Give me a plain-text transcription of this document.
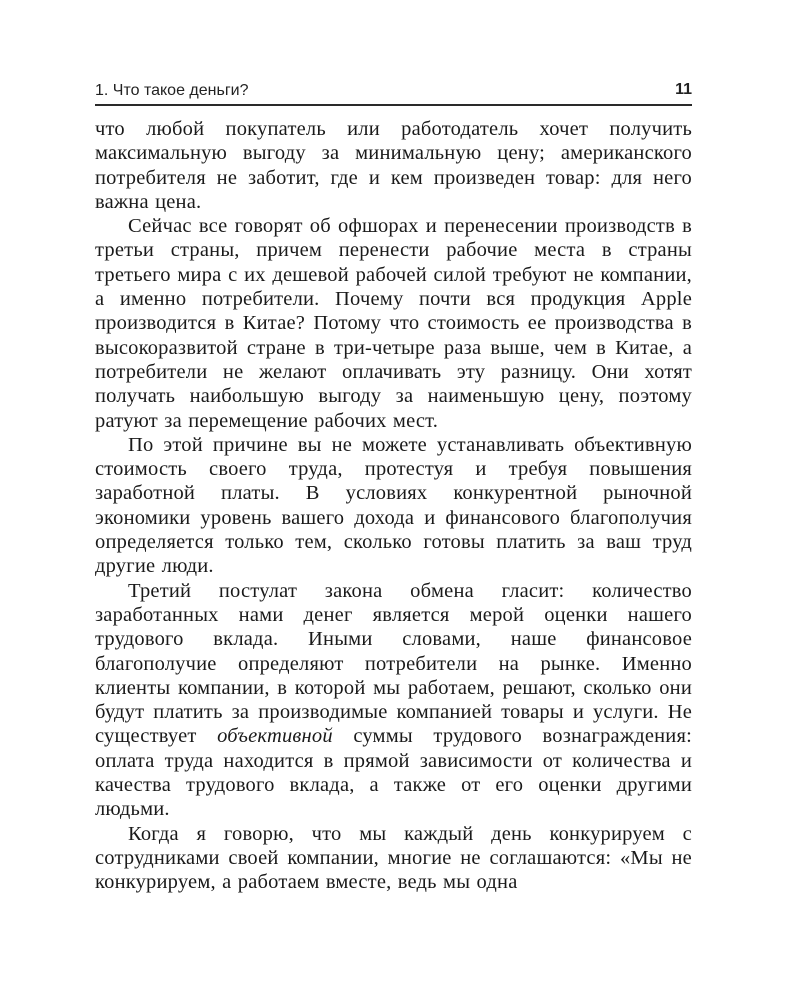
1. Что такое деньги?	11

что любой покупатель или работодатель хочет получить максимальную выгоду за минимальную цену; американского потребителя не заботит, где и кем произведен товар: для него важна цена.

Сейчас все говорят об офшорах и перенесении производств в третьи страны, причем перенести рабочие места в страны третьего мира с их дешевой рабочей силой требуют не компании, а именно потребители. Почему почти вся продукция Apple производится в Китае? Потому что стоимость ее производства в высокоразвитой стране в три-четыре раза выше, чем в Китае, а потребители не желают оплачивать эту разницу. Они хотят получать наибольшую выгоду за наименьшую цену, поэтому ратуют за перемещение рабочих мест.

По этой причине вы не можете устанавливать объективную стоимость своего труда, протестуя и требуя повышения заработной платы. В условиях конкурентной рыночной экономики уровень вашего дохода и финансового благополучия определяется только тем, сколько готовы платить за ваш труд другие люди.

Третий постулат закона обмена гласит: количество заработанных нами денег является мерой оценки нашего трудового вклада. Иными словами, наше финансовое благополучие определяют потребители на рынке. Именно клиенты компании, в которой мы работаем, решают, сколько они будут платить за производимые компанией товары и услуги. Не существует объективной суммы трудового вознаграждения: оплата труда находится в прямой зависимости от количества и качества трудового вклада, а также от его оценки другими людьми.

Когда я говорю, что мы каждый день конкурируем с сотрудниками своей компании, многие не соглашаются: «Мы не конкурируем, а работаем вместе, ведь мы одна
